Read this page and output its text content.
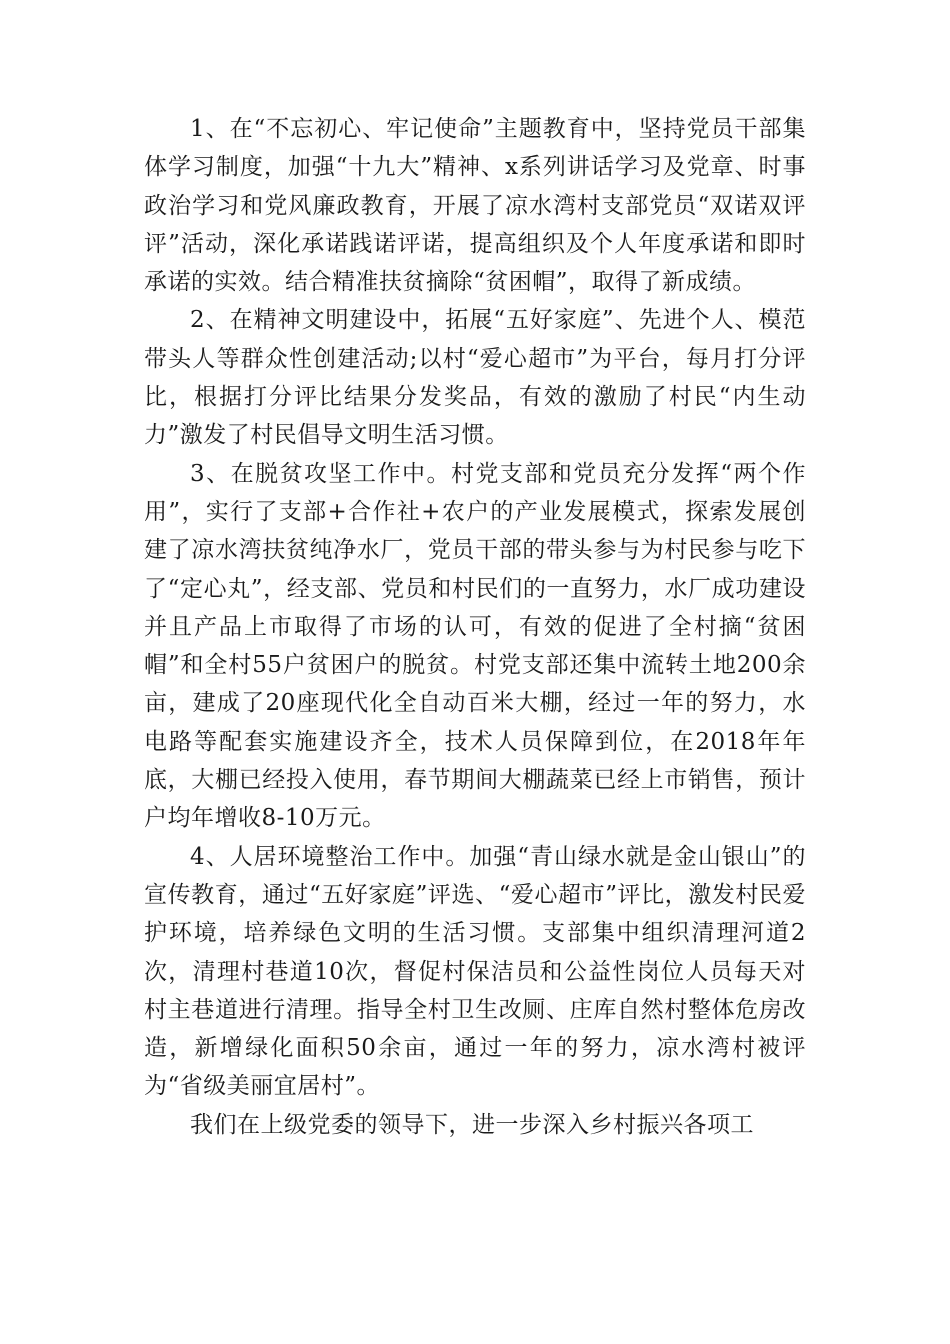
1、在“不忘初心、牢记使命”主题教育中，坚持党员干部集体学习制度，加强“十九大”精神、x系列讲话学习及党章、时事政治学习和党风廉政教育，开展了凉水湾村支部党员“双诺双评评”活动，深化承诺践诺评诺，提高组织及个人年度承诺和即时承诺的实效。结合精准扶贫摘除“贫困帽”，取得了新成绩。

2、在精神文明建设中，拓展“五好家庭”、先进个人、模范带头人等群众性创建活动;以村“爱心超市”为平台，每月打分评比，根据打分评比结果分发奖品，有效的激励了村民“内生动力”激发了村民倡导文明生活习惯。

3、在脱贫攻坚工作中。村党支部和党员充分发挥“两个作用”，实行了支部+合作社+农户的产业发展模式，探索发展创建了凉水湾扶贫纯净水厂，党员干部的带头参与为村民参与吃下了“定心丸”，经支部、党员和村民们的一直努力，水厂成功建设并且产品上市取得了市场的认可，有效的促进了全村摘“贫困帽”和全村55户贫困户的脱贫。村党支部还集中流转土地200余亩，建成了20座现代化全自动百米大棚，经过一年的努力，水电路等配套实施建设齐全，技术人员保障到位，在2018年年底，大棚已经投入使用，春节期间大棚蔬菜已经上市销售，预计户均年增收8-10万元。

4、人居环境整治工作中。加强“青山绿水就是金山银山”的宣传教育，通过“五好家庭”评选、“爱心超市”评比，激发村民爱护环境，培养绿色文明的生活习惯。支部集中组织清理河道2次，清理村巷道10次，督促村保洁员和公益性岗位人员每天对村主巷道进行清理。指导全村卫生改厕、庄库自然村整体危房改造，新增绿化面积50余亩，通过一年的努力，凉水湾村被评为“省级美丽宜居村”。

我们在上级党委的领导下，进一步深入乡村振兴各项工
